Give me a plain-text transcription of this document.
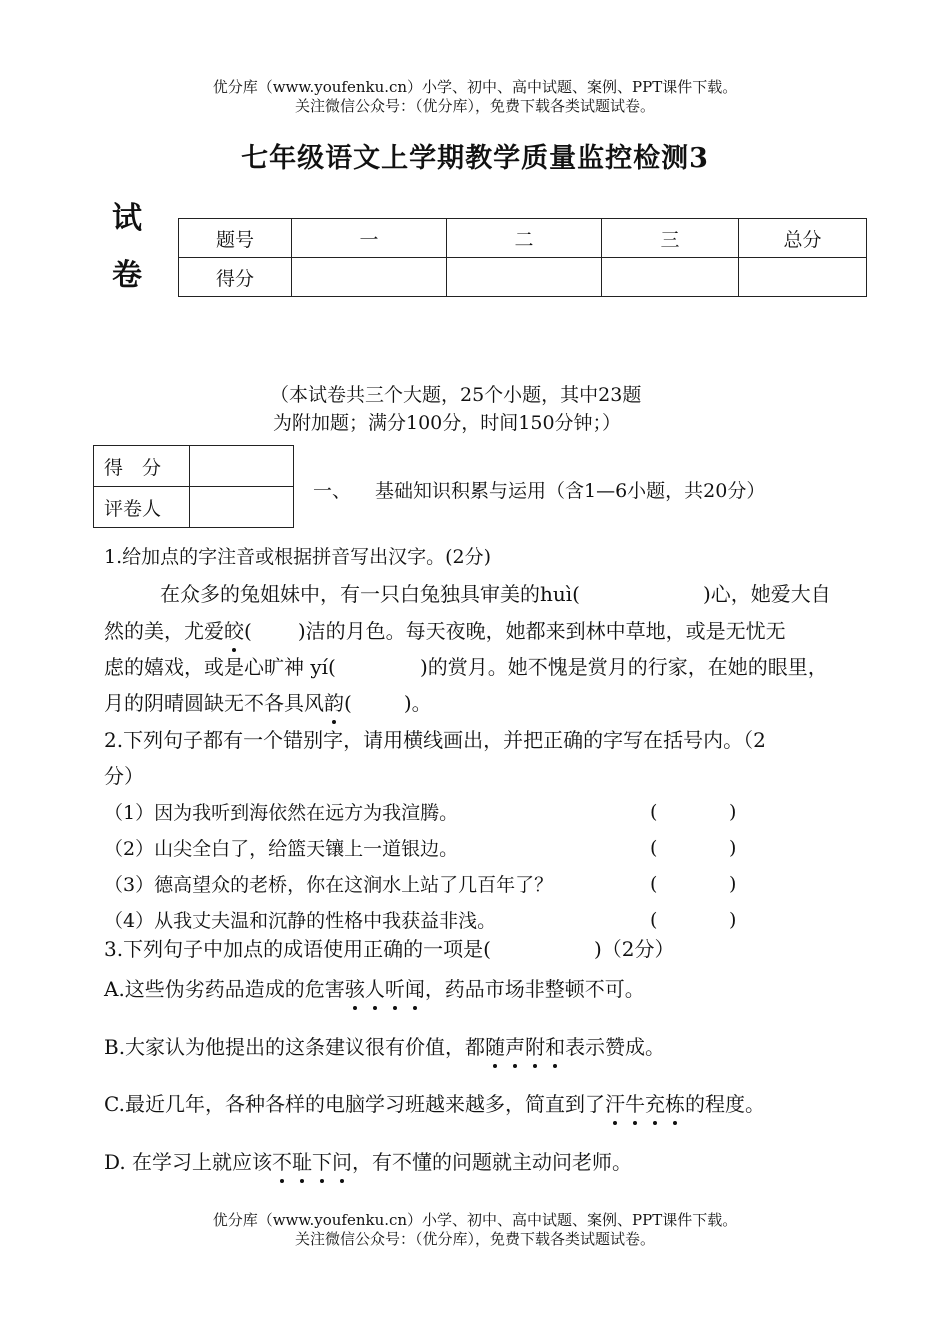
优分库（www.youfenku.cn）小学、初中、高中试题、案例、PPT课件下载。
关注微信公众号：（优分库），免费下载各类试题试卷。
七年级语文上学期教学质量监控检测3
试
卷
题号	一	二	三	总分
得分				
（本试卷共三个大题，25个小题，其中23题
为附加题；满分100分，时间150分钟；）
得　分	
评卷人	
一、 基础知识积累与运用（含1—6小题，共20分）
1.给加点的字注音或根据拼音写出汉字。(2分)
在众多的兔姐妹中，有一只白兔独具审美的huì(	)心，她爱大自
然的美，尤爱皎( )洁的月色。每天夜晚，她都来到林中草地，或是无忧无
虑的嬉戏，或是心旷神 yí(	)的赏月。她不愧是赏月的行家，在她的眼里，
月的阴晴圆缺无不各具风韵(	)。
2.下列句子都有一个错别字，请用横线画出，并把正确的字写在括号内。（2
分）
（1）因为我听到海依然在远方为我渲腾。	(	)
（2）山尖全白了，给篮天镶上一道银边。	(	)
（3）德高望众的老桥，你在这涧水上站了几百年了？	(	)
（4）从我丈夫温和沉静的性格中我获益非浅。	(	)
3.下列句子中加点的成语使用正确的一项是(	)（2分）
A.这些伪劣药品造成的危害骇人听闻，药品市场非整顿不可。
B.大家认为他提出的这条建议很有价值，都随声附和表示赞成。
C.最近几年，各种各样的电脑学习班越来越多，简直到了汗牛充栋的程度。
D. 在学习上就应该不耻下问，有不懂的问题就主动问老师。
优分库（www.youfenku.cn）小学、初中、高中试题、案例、PPT课件下载。
关注微信公众号：（优分库），免费下载各类试题试卷。
